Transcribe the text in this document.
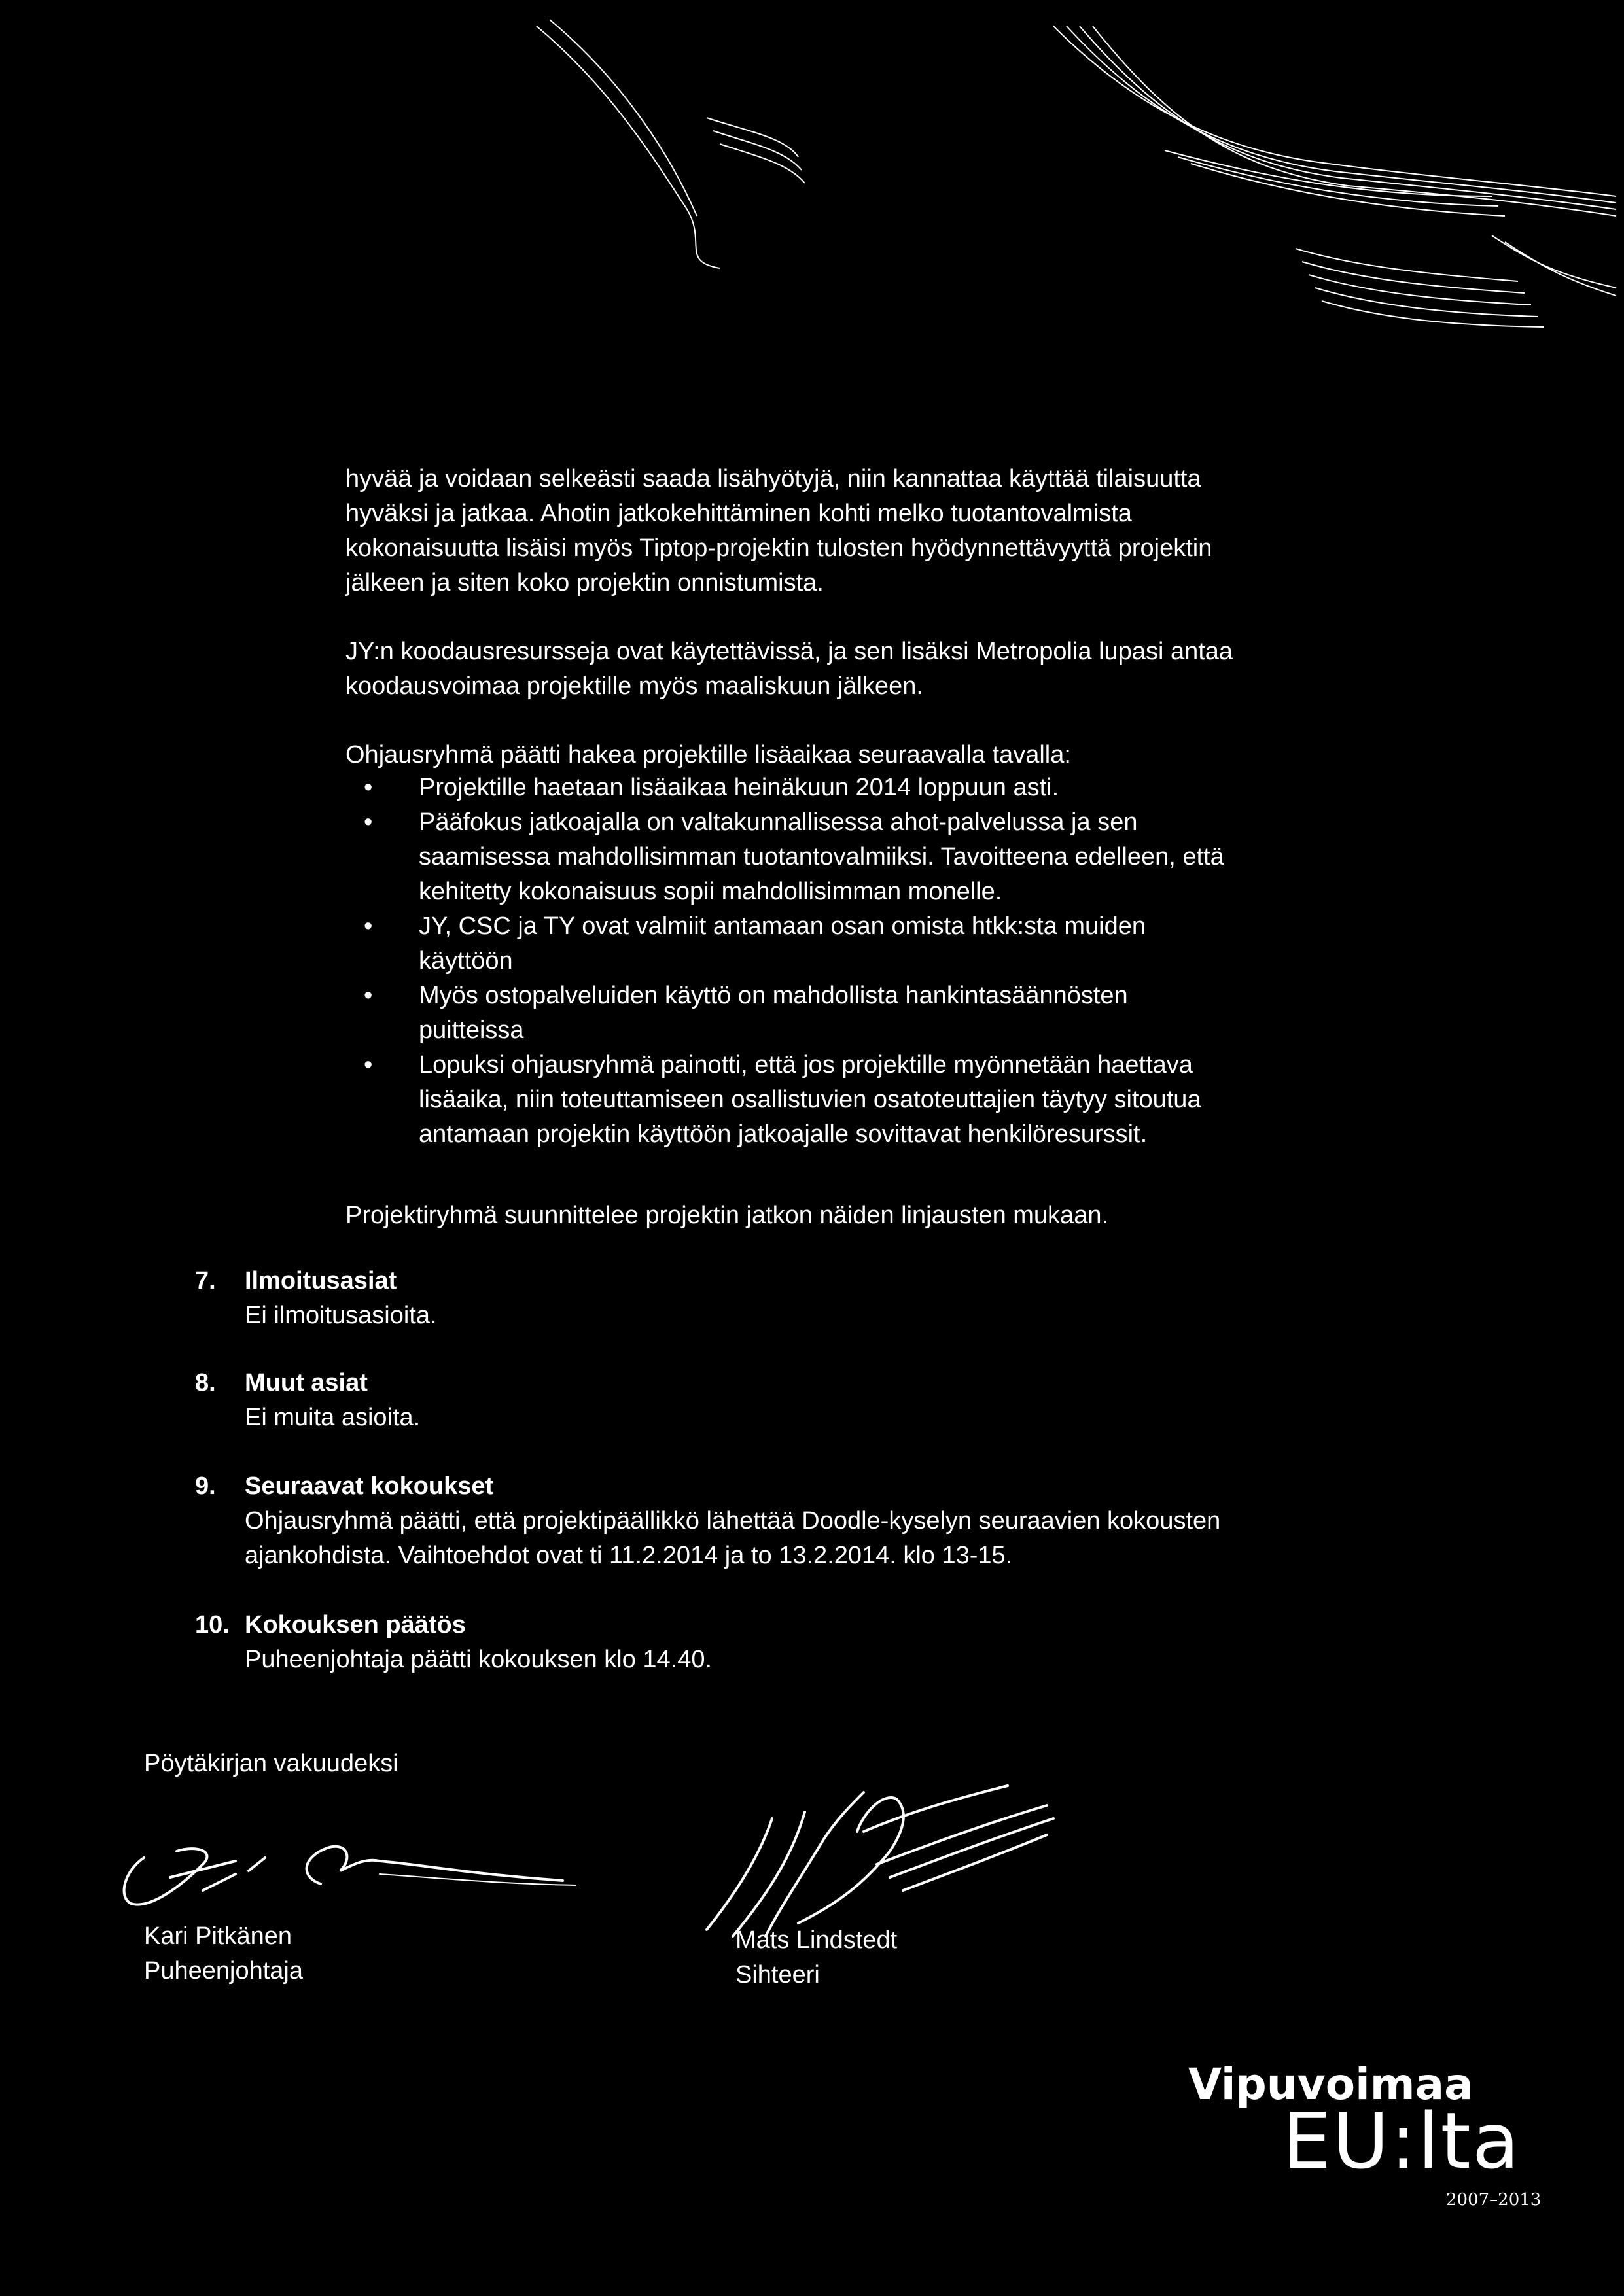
hyvää ja voidaan selkeästi saada lisähyötyjä, niin kannattaa käyttää tilaisuutta
hyväksi ja jatkaa. Ahotin jatkokehittäminen kohti melko tuotantovalmista
kokonaisuutta lisäisi myös Tiptop-projektin tulosten hyödynnettävyyttä projektin
jälkeen ja siten koko projektin onnistumista.
JY:n koodausresursseja ovat käytettävissä, ja sen lisäksi Metropolia lupasi antaa
koodausvoimaa projektille myös maaliskuun jälkeen.
Ohjausryhmä päätti hakea projektille lisäaikaa seuraavalla tavalla:
• Projektille haetaan lisäaikaa heinäkuun 2014 loppuun asti.
• Pääfokus jatkoajalla on valtakunnallisessa ahot-palvelussa ja sen
saamisessa mahdollisimman tuotantovalmiiksi. Tavoitteena edelleen, että
kehitetty kokonaisuus sopii mahdollisimman monelle.
• JY, CSC ja TY ovat valmiit antamaan osan omista htkk:sta muiden
käyttöön
• Myös ostopalveluiden käyttö on mahdollista hankintasäännösten
puitteissa
• Lopuksi ohjausryhmä painotti, että jos projektille myönnetään haettava
lisäaika, niin toteuttamiseen osallistuvien osatoteuttajien täytyy sitoutua
antamaan projektin käyttöön jatkoajalle sovittavat henkilöresurssit.
Projektiryhmä suunnittelee projektin jatkon näiden linjausten mukaan.
7. Ilmoitusasiat
Ei ilmoitusasioita.
8. Muut asiat
Ei muita asioita.
9. Seuraavat kokoukset
Ohjausryhmä päätti, että projektipäällikkö lähettää Doodle-kyselyn seuraavien kokousten
ajankohdista. Vaihtoehdot ovat ti 11.2.2014 ja to 13.2.2014. klo 13-15.
10. Kokouksen päätös
Puheenjohtaja päätti kokouksen klo 14.40.
Pöytäkirjan vakuudeksi
Kari Pitkänen
Puheenjohtaja
Mats Lindstedt
Sihteeri
Vipuvoimaa
EU:lta
2007–2013
